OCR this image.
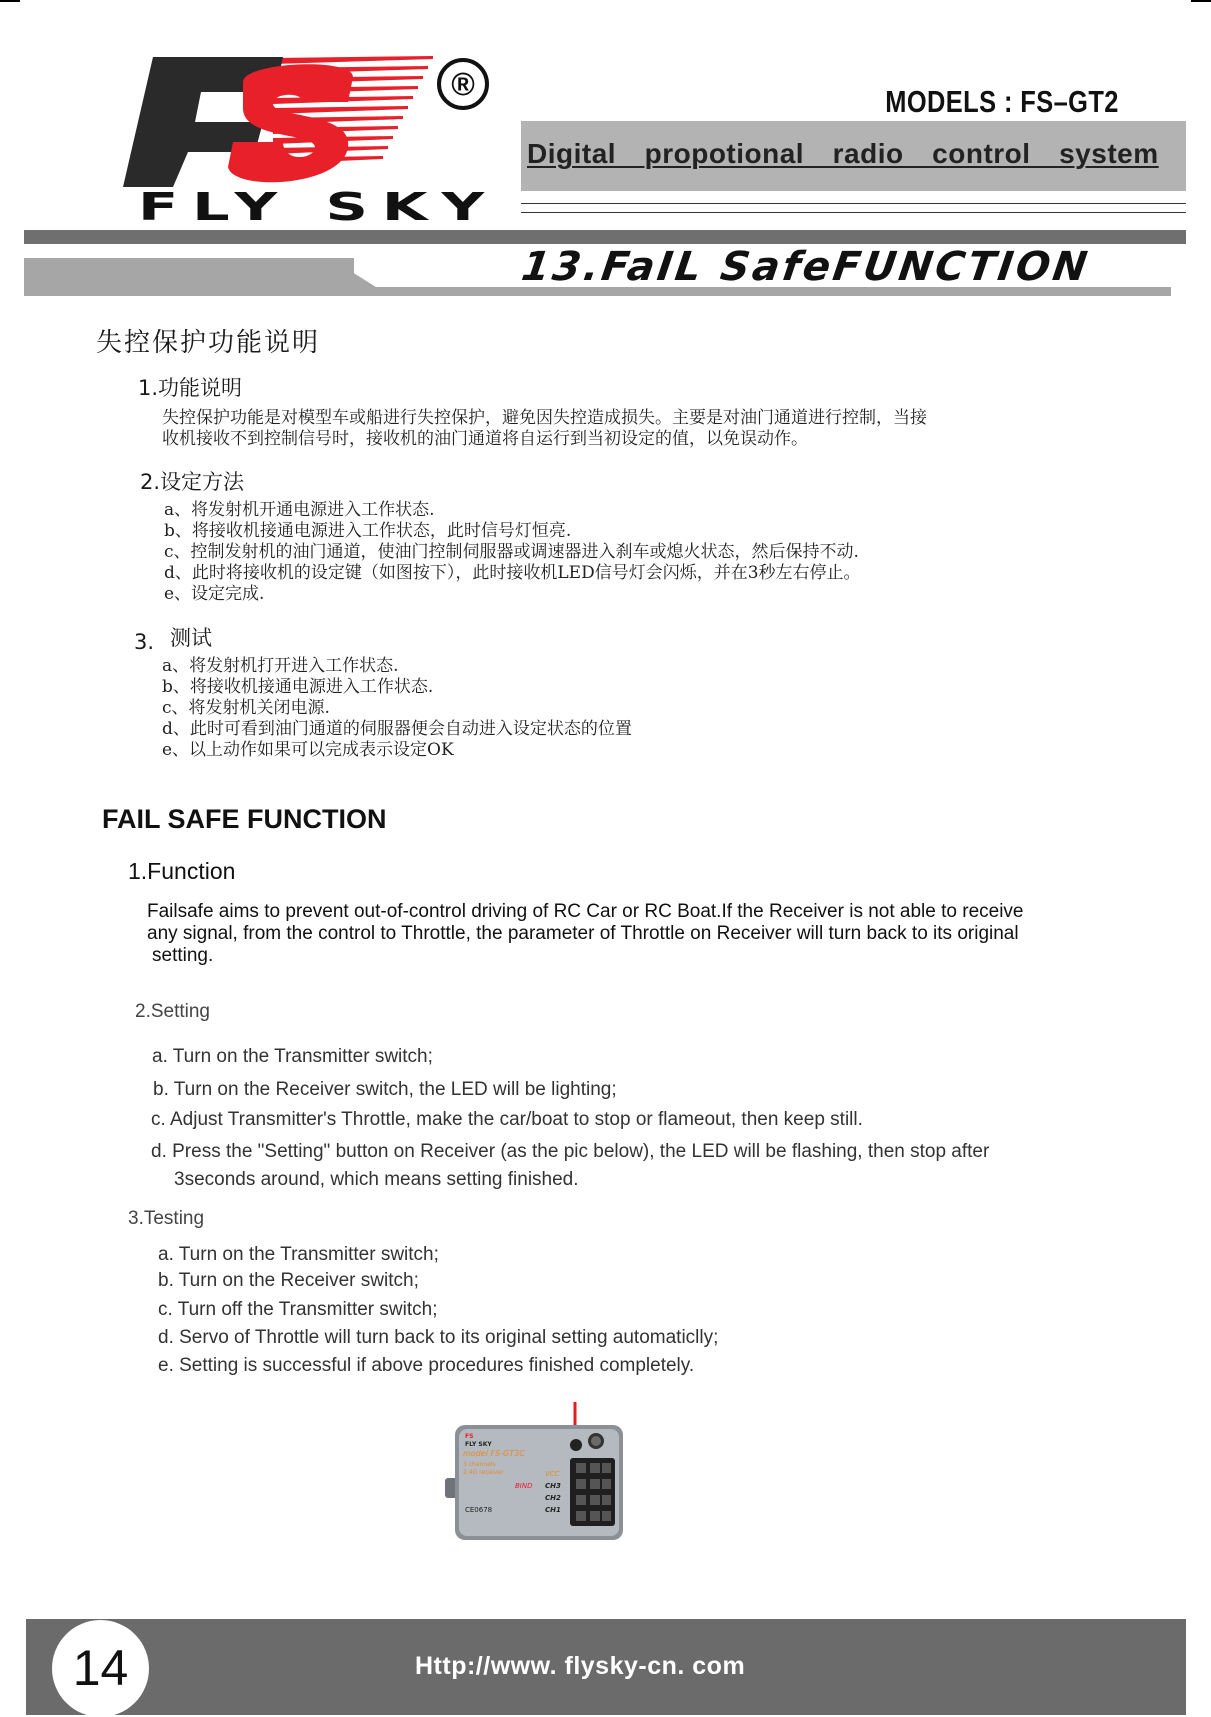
®
FLY SKY
MODELS : FS–GT2
Digital  propotional  radio  control  system
13.FaIL SafeFUNCTION
失控保护功能说明
1.功能说明
失控保护功能是对模型车或船进行失控保护，避免因失控造成损失。主要是对油门通道进行控制，当接
收机接收不到控制信号时，接收机的油门通道将自运行到当初设定的值，以免误动作。
2.设定方法
a、将发射机开通电源进入工作状态.
b、将接收机接通电源进入工作状态，此时信号灯恒亮.
c、控制发射机的油门通道，使油门控制伺服器或调速器进入刹车或熄火状态，然后保持不动.
d、此时将接收机的设定键（如图按下），此时接收机LED信号灯会闪烁，并在3秒左右停止。
e、设定完成.
3. 测试
a、将发射机打开进入工作状态.
b、将接收机接通电源进入工作状态.
c、将发射机关闭电源.
d、此时可看到油门通道的伺服器便会自动进入设定状态的位置
e、以上动作如果可以完成表示设定OK
FAIL SAFE FUNCTION
1.Function
Failsafe aims to prevent out-of-control driving of RC Car or RC Boat.If the Receiver is not able to receive
any signal, from the control to Throttle, the parameter of Throttle on Receiver will turn back to its original
setting.
2.Setting
a. Turn on the Transmitter switch;
b. Turn on the Receiver switch, the LED will be lighting;
c. Adjust Transmitter's Throttle, make the car/boat to stop or flameout, then keep still.
d. Press the "Setting" button on Receiver (as the pic below), the LED will be flashing, then stop after
3seconds around, which means setting finished.
3.Testing
a. Turn on the Transmitter switch;
b. Turn on the Receiver switch;
c. Turn off the Transmitter switch;
d. Servo of Throttle will turn back to its original setting automaticlly;
e. Setting is successful if above procedures finished completely.
FS
FLY SKY
model FS-GT3C
3 channels
2.4G receiver	VCC
CH3
CH2
CH1
BIND
CE0678
14	Http://www. flysky-cn. com
